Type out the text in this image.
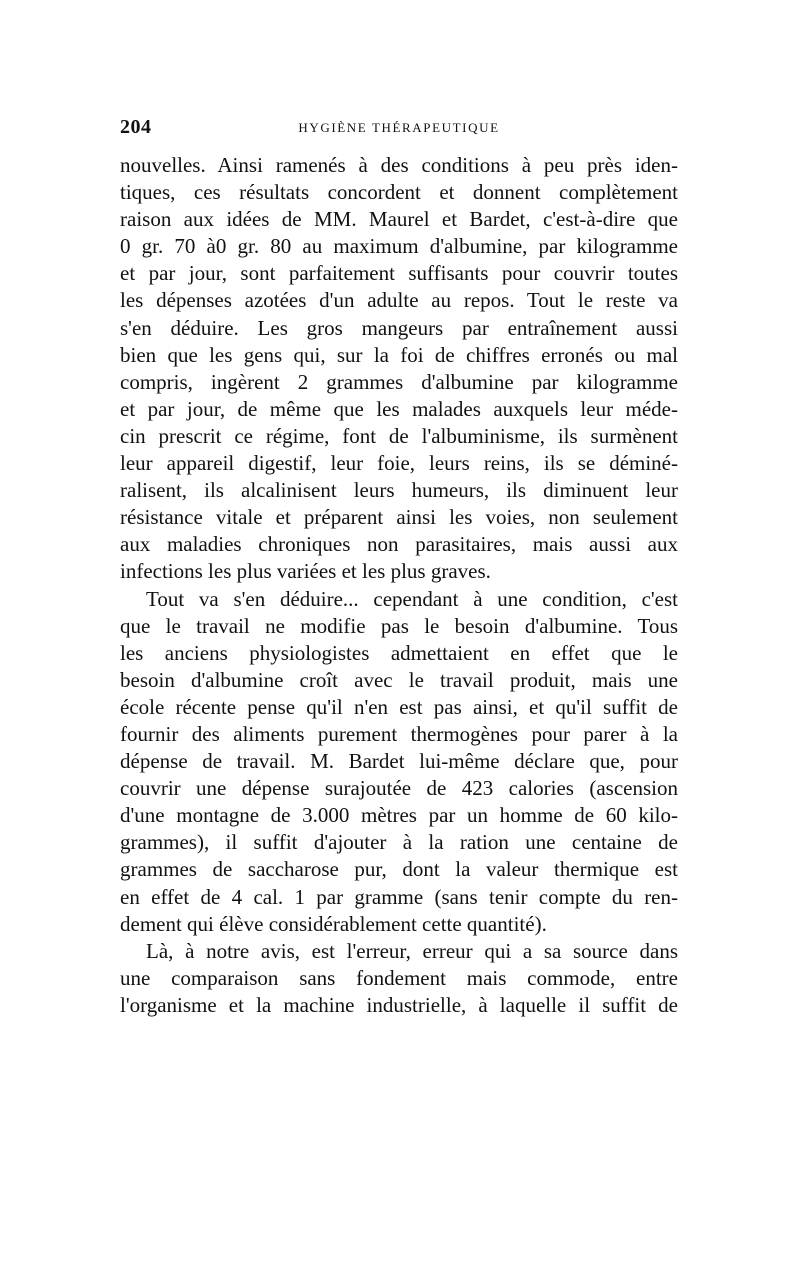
204	HYGIÈNE THÉRAPEUTIQUE
nouvelles. Ainsi ramenés à des conditions à peu près iden-
tiques, ces résultats concordent et donnent complètement
raison aux idées de MM. Maurel et Bardet, c'est-à-dire que
0 gr. 70 à0 gr. 80 au maximum d'albumine, par kilogramme
et par jour, sont parfaitement suffisants pour couvrir toutes
les dépenses azotées d'un adulte au repos. Tout le reste va
s'en déduire. Les gros mangeurs par entraînement aussi
bien que les gens qui, sur la foi de chiffres erronés ou mal
compris, ingèrent 2 grammes d'albumine par kilogramme
et par jour, de même que les malades auxquels leur méde-
cin prescrit ce régime, font de l'albuminisme, ils surmènent
leur appareil digestif, leur foie, leurs reins, ils se déminé-
ralisent, ils alcalinisent leurs humeurs, ils diminuent leur
résistance vitale et préparent ainsi les voies, non seulement
aux maladies chroniques non parasitaires, mais aussi aux
infections les plus variées et les plus graves.
Tout va s'en déduire... cependant à une condition, c'est
que le travail ne modifie pas le besoin d'albumine. Tous
les anciens physiologistes admettaient en effet que le
besoin d'albumine croît avec le travail produit, mais une
école récente pense qu'il n'en est pas ainsi, et qu'il suffit de
fournir des aliments purement thermogènes pour parer à la
dépense de travail. M. Bardet lui-même déclare que, pour
couvrir une dépense surajoutée de 423 calories (ascension
d'une montagne de 3.000 mètres par un homme de 60 kilo-
grammes), il suffit d'ajouter à la ration une centaine de
grammes de saccharose pur, dont la valeur thermique est
en effet de 4 cal. 1 par gramme (sans tenir compte du ren-
dement qui élève considérablement cette quantité).
Là, à notre avis, est l'erreur, erreur qui a sa source dans
une comparaison sans fondement mais commode, entre
l'organisme et la machine industrielle, à laquelle il suffit de
